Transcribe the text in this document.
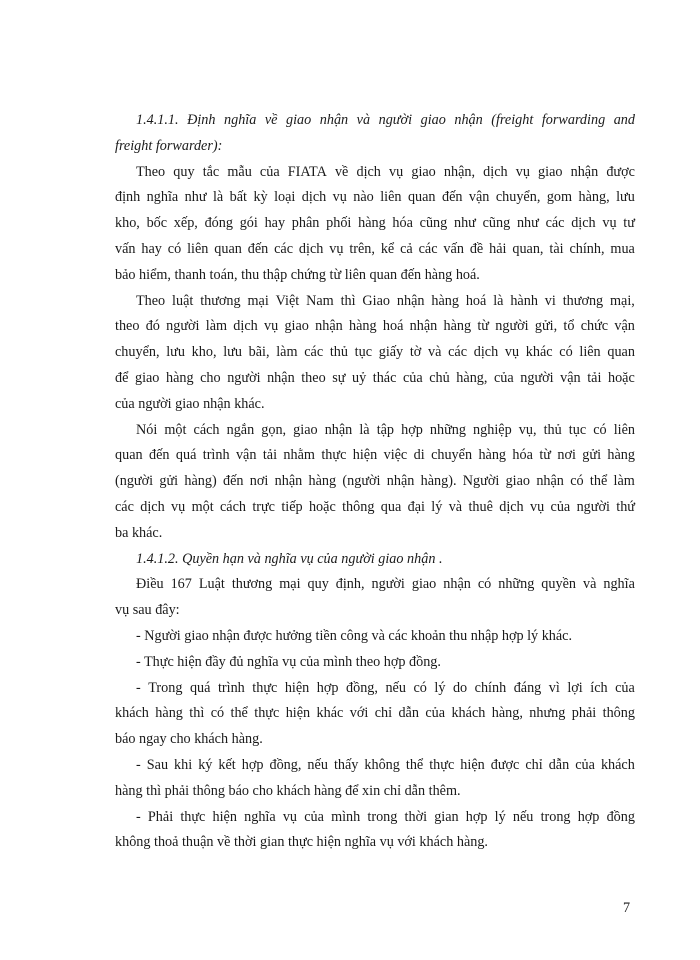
1.4.1.1. Định nghĩa về giao nhận và người giao nhận (freight forwarding and
freight forwarder):
Theo quy tắc mẫu của FIATA về dịch vụ giao nhận, dịch vụ giao nhận được
định nghĩa như là bất kỳ loại dịch vụ nào liên quan đến vận chuyển, gom hàng, lưu
kho, bốc xếp, đóng gói hay phân phối hàng hóa cũng như cũng như các dịch vụ tư
vấn hay có liên quan đến các dịch vụ trên, kể cả các vấn đề hải quan, tài chính, mua
bảo hiểm, thanh toán, thu thập chứng từ liên quan đến hàng hoá.
Theo luật thương mại Việt Nam thì Giao nhận hàng hoá là hành vi thương mại,
theo đó người làm dịch vụ giao nhận hàng hoá nhận hàng từ người gửi, tổ chức vận
chuyển, lưu kho, lưu bãi, làm các thủ tục giấy tờ và các dịch vụ khác có liên quan
để giao hàng cho người nhận theo sự uỷ thác của chủ hàng, của người vận tải hoặc
của người giao nhận khác.
Nói một cách ngắn gọn, giao nhận là tập hợp những nghiệp vụ, thủ tục có liên
quan đến quá trình vận tải nhằm thực hiện việc di chuyển hàng hóa từ nơi gửi hàng
(người gửi hàng) đến nơi nhận hàng (người nhận hàng). Người giao nhận có thể làm
các dịch vụ một cách trực tiếp hoặc thông qua đại lý và thuê dịch vụ của người thứ
ba khác.
1.4.1.2. Quyền hạn và nghĩa vụ của người giao nhận .
Điều 167 Luật thương mại quy định, người giao nhận có những quyền và nghĩa
vụ sau đây:
- Người giao nhận được hưởng tiền công và các khoản thu nhập hợp lý khác.
- Thực hiện đầy đủ nghĩa vụ của mình theo hợp đồng.
- Trong quá trình thực hiện hợp đồng, nếu có lý do chính đáng vì lợi ích của
khách hàng thì có thể thực hiện khác với chỉ dẫn của khách hàng, nhưng phải thông
báo ngay cho khách hàng.
- Sau khi ký kết hợp đồng, nếu thấy không thể thực hiện được chỉ dẫn của khách
hàng thì phải thông báo cho khách hàng để xin chỉ dẫn thêm.
- Phải thực hiện nghĩa vụ của mình trong thời gian hợp lý nếu trong hợp đồng
không thoả thuận về thời gian thực hiện nghĩa vụ với khách hàng.
7
